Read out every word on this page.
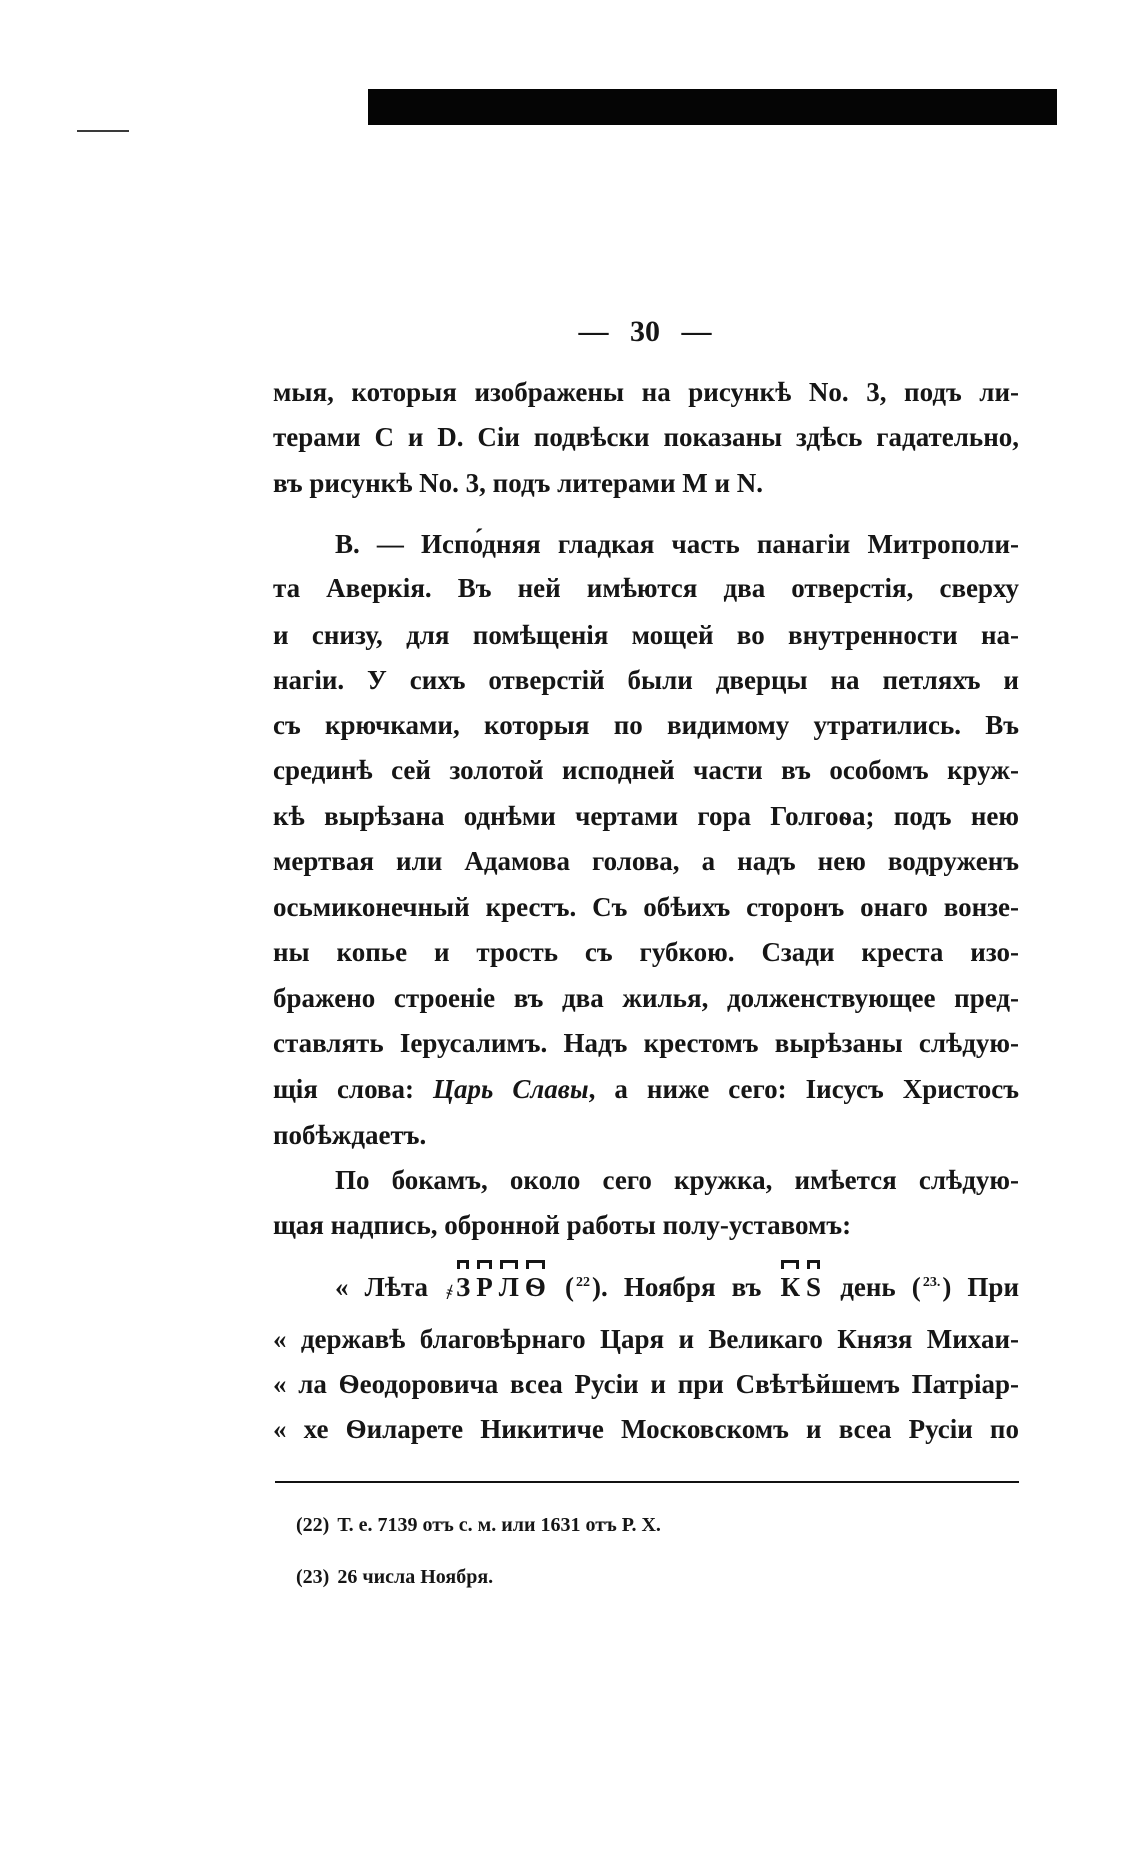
— 30 —
мыя, которыя изображены на рисункѣ No. 3, подъ ли-
терами C и D. Сіи подвѣски показаны здѣсь гадательно,
въ рисункѣ No. 3, подъ литерами M и N.
В. — Испо́дняя гладкая часть панагіи Митрополи-
та Аверкія. Въ ней имѣются два отверстія, сверху
и снизу, для помѣщенія мощей во внутренности на-
нагіи. У сихъ отверстій были дверцы на петляхъ и
съ крючками, которыя по видимому утратились. Въ
срединѣ сей золотой исподней части въ особомъ круж-
кѣ вырѣзана однѣми чертами гора Голгоѳа; подъ нею
мертвая или Адамова голова, а надъ нею водруженъ
осьмиконечный крестъ. Съ обѣихъ сторонъ онаго вонзе-
ны копье и трость съ губкою. Сзади креста изо-
бражено строеніе въ два жилья, долженствующее пред-
ставлять Іерусалимъ. Надъ крестомъ вырѣзаны слѣдую-
щія слова: Царь Славы, а ниже сего: Іисусъ Христосъ
побѣждаетъ.
По бокамъ, около сего кружка, имѣется слѣдую-
щая надпись, обронной работы полу-уставомъ:
« Лѣта ҂ З Р Л Ѳ ( $^{22}$). Ноября въ К Ѕ день ( $^{23.}$) При
« державѣ благовѣрнаго Царя и Великаго Князя Михаи-
« ла Ѳеодоровича всеа Русіи и при Свѣтѣйшемъ Патріар-
« хе Ѳиларете Никитиче Московскомъ и всеа Русіи по
(22) Т. е. 7139 отъ с. м. или 1631 отъ Р. Х.
(23) 26 числа Ноября.
